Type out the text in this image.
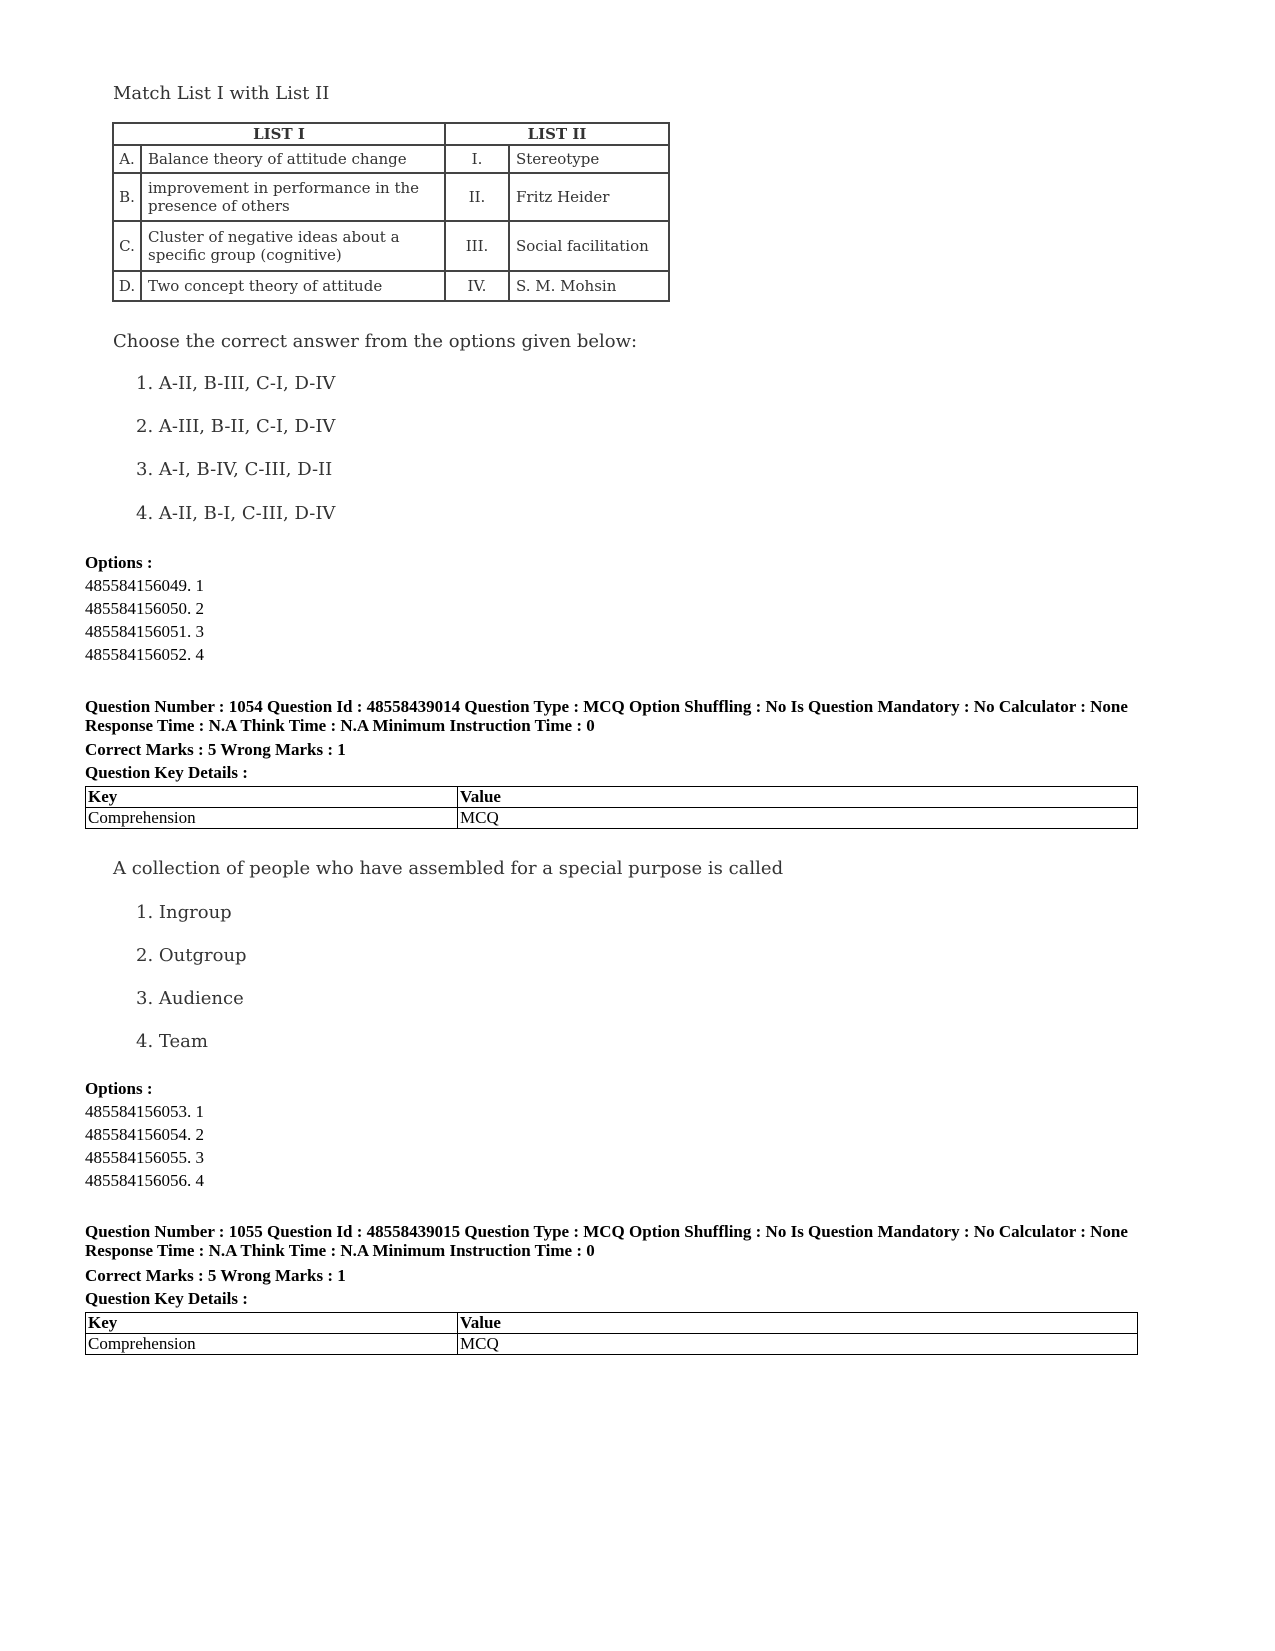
Match List I with List II
LIST I		LIST II	
A.	Balance theory of attitude change	I.	Stereotype
B.	improvement in performance in the presence of others	II.	Fritz Heider
C.	Cluster of negative ideas about a specific group (cognitive)	III.	Social facilitation
D.	Two concept theory of attitude	IV.	S. M. Mohsin
Choose the correct answer from the options given below:
1. A-II, B-III, C-I, D-IV
2. A-III, B-II, C-I, D-IV
3. A-I, B-IV, C-III, D-II
4. A-II, B-I, C-III, D-IV
Options :
485584156049. 1
485584156050. 2
485584156051. 3
485584156052. 4
Question Number : 1054 Question Id : 48558439014 Question Type : MCQ Option Shuffling : No Is Question Mandatory : No Calculator : None
Response Time : N.A Think Time : N.A Minimum Instruction Time : 0
Correct Marks : 5 Wrong Marks : 1
Question Key Details :
Key	Value
Comprehension	MCQ
A collection of people who have assembled for a special purpose is called
1. Ingroup
2. Outgroup
3. Audience
4. Team
Options :
485584156053. 1
485584156054. 2
485584156055. 3
485584156056. 4
Question Number : 1055 Question Id : 48558439015 Question Type : MCQ Option Shuffling : No Is Question Mandatory : No Calculator : None
Response Time : N.A Think Time : N.A Minimum Instruction Time : 0
Correct Marks : 5 Wrong Marks : 1
Question Key Details :
Key	Value
Comprehension	MCQ
